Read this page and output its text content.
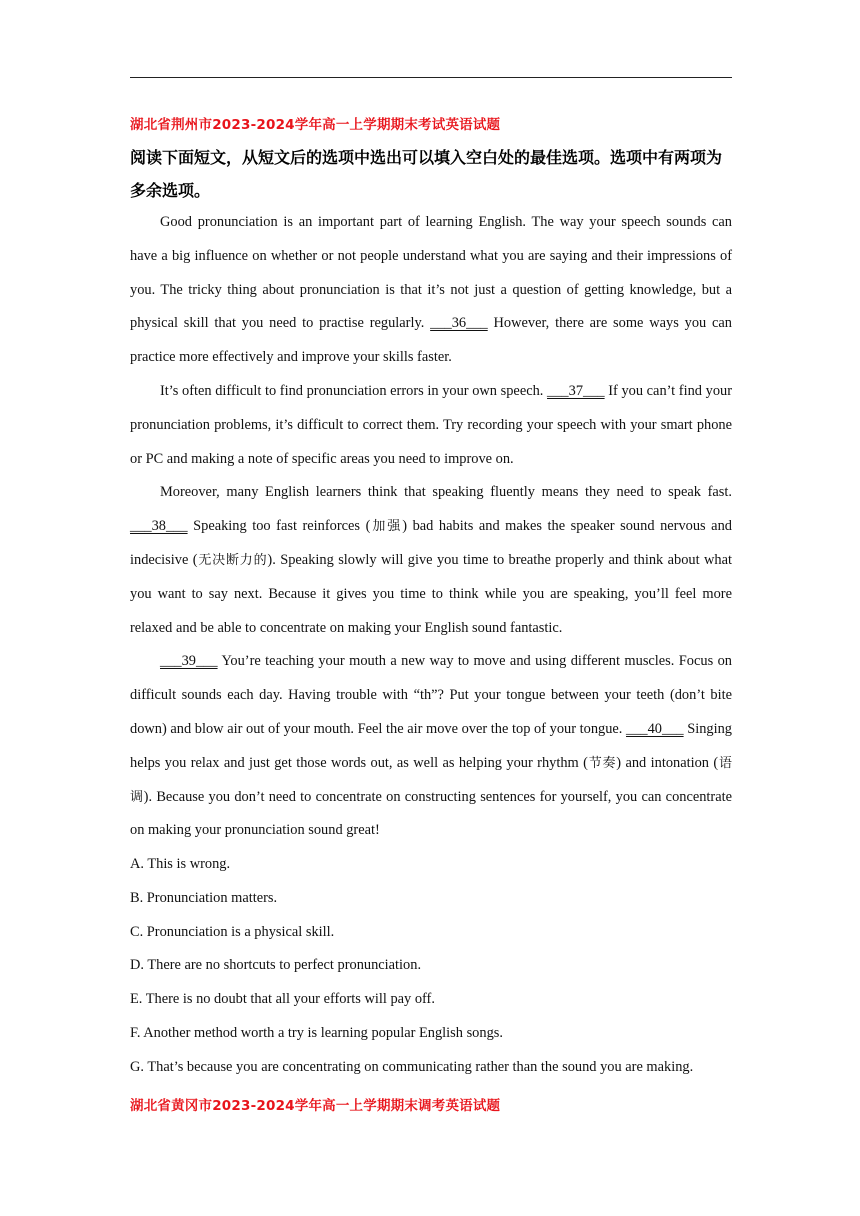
湖北省荆州市2023-2024学年高一上学期期末考试英语试题
阅读下面短文，从短文后的选项中选出可以填入空白处的最佳选项。选项中有两项为多余选项。

Good pronunciation is an important part of learning English. The way your speech sounds can have a big influence on whether or not people understand what you are saying and their impressions of you. The tricky thing about pronunciation is that it’s not just a question of getting knowledge, but a physical skill that you need to practise regularly. ___36___ However, there are some ways you can practice more effectively and improve your skills faster.

It’s often difficult to find pronunciation errors in your own speech. ___37___ If you can’t find your pronunciation problems, it’s difficult to correct them. Try recording your speech with your smart phone or PC and making a note of specific areas you need to improve on.

Moreover, many English learners think that speaking fluently means they need to speak fast. ___38___ Speaking too fast reinforces (加强) bad habits and makes the speaker sound nervous and indecisive (无决断力的). Speaking slowly will give you time to breathe properly and think about what you want to say next. Because it gives you time to think while you are speaking, you’ll feel more relaxed and be able to concentrate on making your English sound fantastic.

___39___ You’re teaching your mouth a new way to move and using different muscles. Focus on difficult sounds each day. Having trouble with “th”? Put your tongue between your teeth (don’t bite down) and blow air out of your mouth. Feel the air move over the top of your tongue. ___40___ Singing helps you relax and just get those words out, as well as helping your rhythm (节奏) and intonation (语调). Because you don’t need to concentrate on constructing sentences for yourself, you can concentrate on making your pronunciation sound great!

A. This is wrong.
B. Pronunciation matters.
C. Pronunciation is a physical skill.
D. There are no shortcuts to perfect pronunciation.
E. There is no doubt that all your efforts will pay off.
F. Another method worth a try is learning popular English songs.
G. That’s because you are concentrating on communicating rather than the sound you are making.
湖北省黄冈市2023-2024学年高一上学期期末调考英语试题
